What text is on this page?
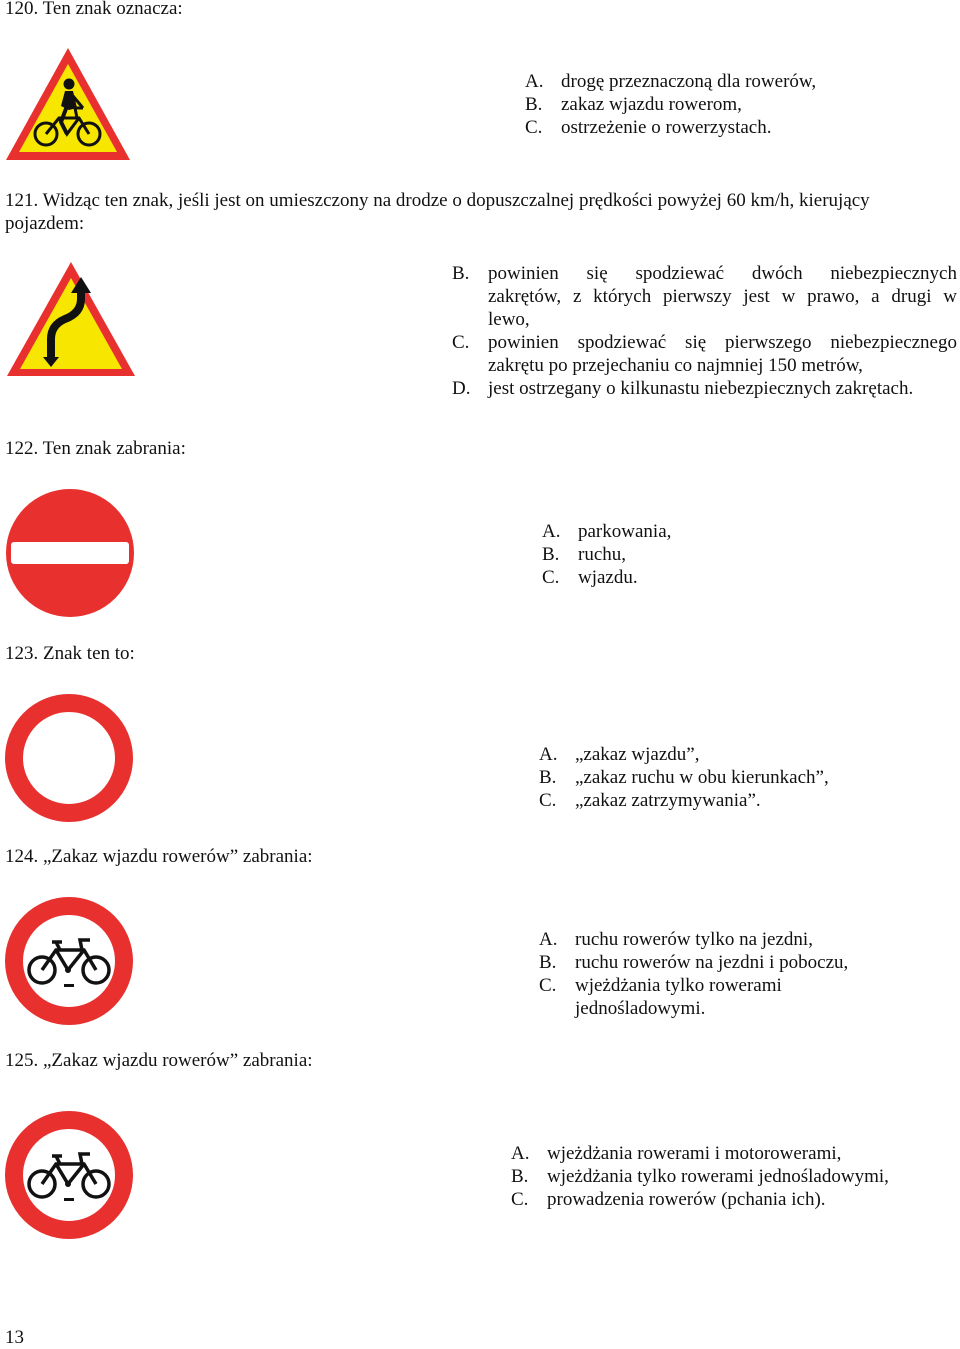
120. Ten znak oznacza:
A. drogę przeznaczoną dla rowerów,
B. zakaz wjazdu rowerom,
C. ostrzeżenie o rowerzystach.
121. Widząc ten znak, jeśli jest on umieszczony na drodze o dopuszczalnej prędkości powyżej 60 km/h, kierujący
pojazdem:
B. powinien się spodziewać dwóch niebezpiecznych
zakrętów, z których pierwszy jest w prawo, a drugi w
lewo,
C. powinien spodziewać się pierwszego niebezpiecznego
zakrętu po przejechaniu co najmniej 150 metrów,
D. jest ostrzegany o kilkunastu niebezpiecznych zakrętach.
122. Ten znak zabrania:
A. parkowania,
B. ruchu,
C. wjazdu.
123. Znak ten to:
A. „zakaz wjazdu”,
B. „zakaz ruchu w obu kierunkach”,
C. „zakaz zatrzymywania”.
124. „Zakaz wjazdu rowerów” zabrania:
A. ruchu rowerów tylko na jezdni,
B. ruchu rowerów na jezdni i poboczu,
C. wjeżdżania tylko rowerami
jednośladowymi.
125. „Zakaz wjazdu rowerów” zabrania:
A. wjeżdżania rowerami i motorowerami,
B. wjeżdżania tylko rowerami jednośladowymi,
C. prowadzenia rowerów (pchania ich).
13
